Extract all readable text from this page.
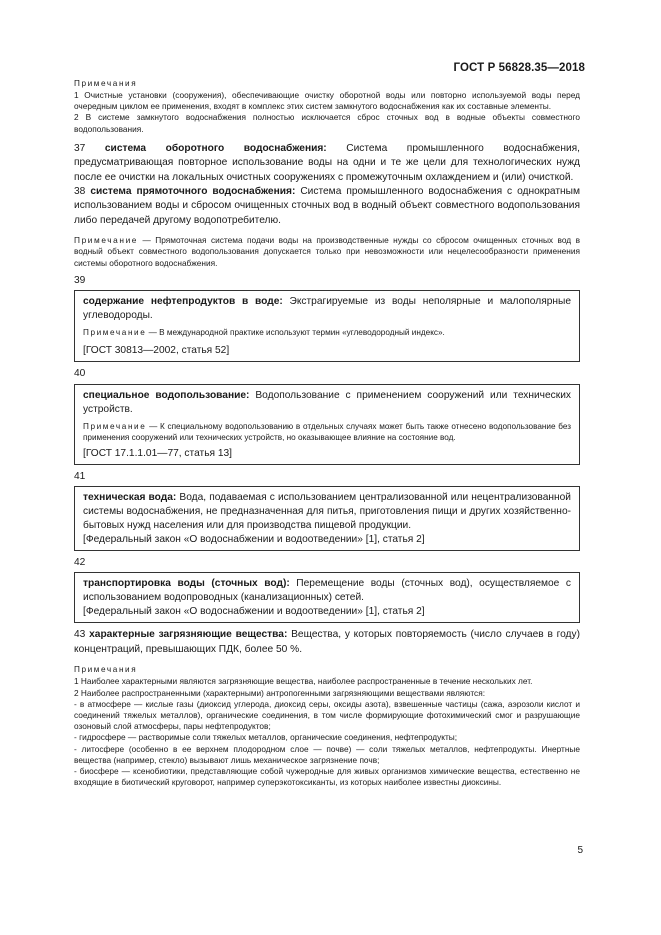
ГОСТ Р 56828.35—2018

Примечания

1 Очистные установки (сооружения), обеспечивающие очистку оборотной воды или повторно используемой воды перед очередным циклом ее применения, входят в комплекс этих систем замкнутого водоснабжения как их составные элементы.

2 В системе замкнутого водоснабжения полностью исключается сброс сточных вод в водные объекты совместного водопользования.

37 система оборотного водоснабжения: Система промышленного водоснабжения, предусматривающая повторное использование воды на одни и те же цели для технологических нужд после ее очистки на локальных очистных сооружениях с промежуточным охлаждением и (или) очисткой.

38 система прямоточного водоснабжения: Система промышленного водоснабжения с однократным использованием воды и сбросом очищенных сточных вод в водный объект совместного водопользования либо передачей другому водопотребителю.

Примечание — Прямоточная система подачи воды на производственные нужды со сбросом очищенных сточных вод в водный объект совместного водопользования допускается только при невозможности или нецелесообразности применения системы оборотного водоснабжения.

39

содержание нефтепродуктов в воде: Экстрагируемые из воды неполярные и малополярные углеводороды.

Примечание — В международной практике используют термин «углеводородный индекс».

[ГОСТ 30813—2002, статья 52]

40

специальное водопользование: Водопользование с применением сооружений или технических устройств.

Примечание — К специальному водопользованию в отдельных случаях может быть также отнесено водопользование без применения сооружений или технических устройств, но оказывающее влияние на состояние вод.

[ГОСТ 17.1.1.01—77, статья 13]

41

техническая вода: Вода, подаваемая с использованием централизованной или нецентрализованной системы водоснабжения, не предназначенная для питья, приготовления пищи и других хозяйственно-бытовых нужд населения или для производства пищевой продукции.

[Федеральный закон «О водоснабжении и водоотведении» [1], статья 2]

42

транспортировка воды (сточных вод): Перемещение воды (сточных вод), осуществляемое с использованием водопроводных (канализационных) сетей.

[Федеральный закон «О водоснабжении и водоотведении» [1], статья 2]

43 характерные загрязняющие вещества: Вещества, у которых повторяемость (число случаев в году) концентраций, превышающих ПДК, более 50 %.

Примечания

1 Наиболее характерными являются загрязняющие вещества, наиболее распространенные в течение нескольких лет.

2 Наиболее распространенными (характерными) антропогенными загрязняющими веществами являются:

- в атмосфере — кислые газы (диоксид углерода, диоксид серы, оксиды азота), взвешенные частицы (сажа, аэрозоли кислот и соединений тяжелых металлов), органические соединения, в том числе формирующие фотохимический смог и разрушающие озоновый слой атмосферы, пары нефтепродуктов;

- гидросфере — растворимые соли тяжелых металлов, органические соединения, нефтепродукты;

- литосфере (особенно в ее верхнем плодородном слое — почве) — соли тяжелых металлов, нефтепродукты. Инертные вещества (например, стекло) вызывают лишь механическое загрязнение почв;

- биосфере — ксенобиотики, представляющие собой чужеродные для живых организмов химические вещества, естественно не входящие в биотический круговорот, например суперэкотоксиканты, из которых наиболее известны диоксины.

5
